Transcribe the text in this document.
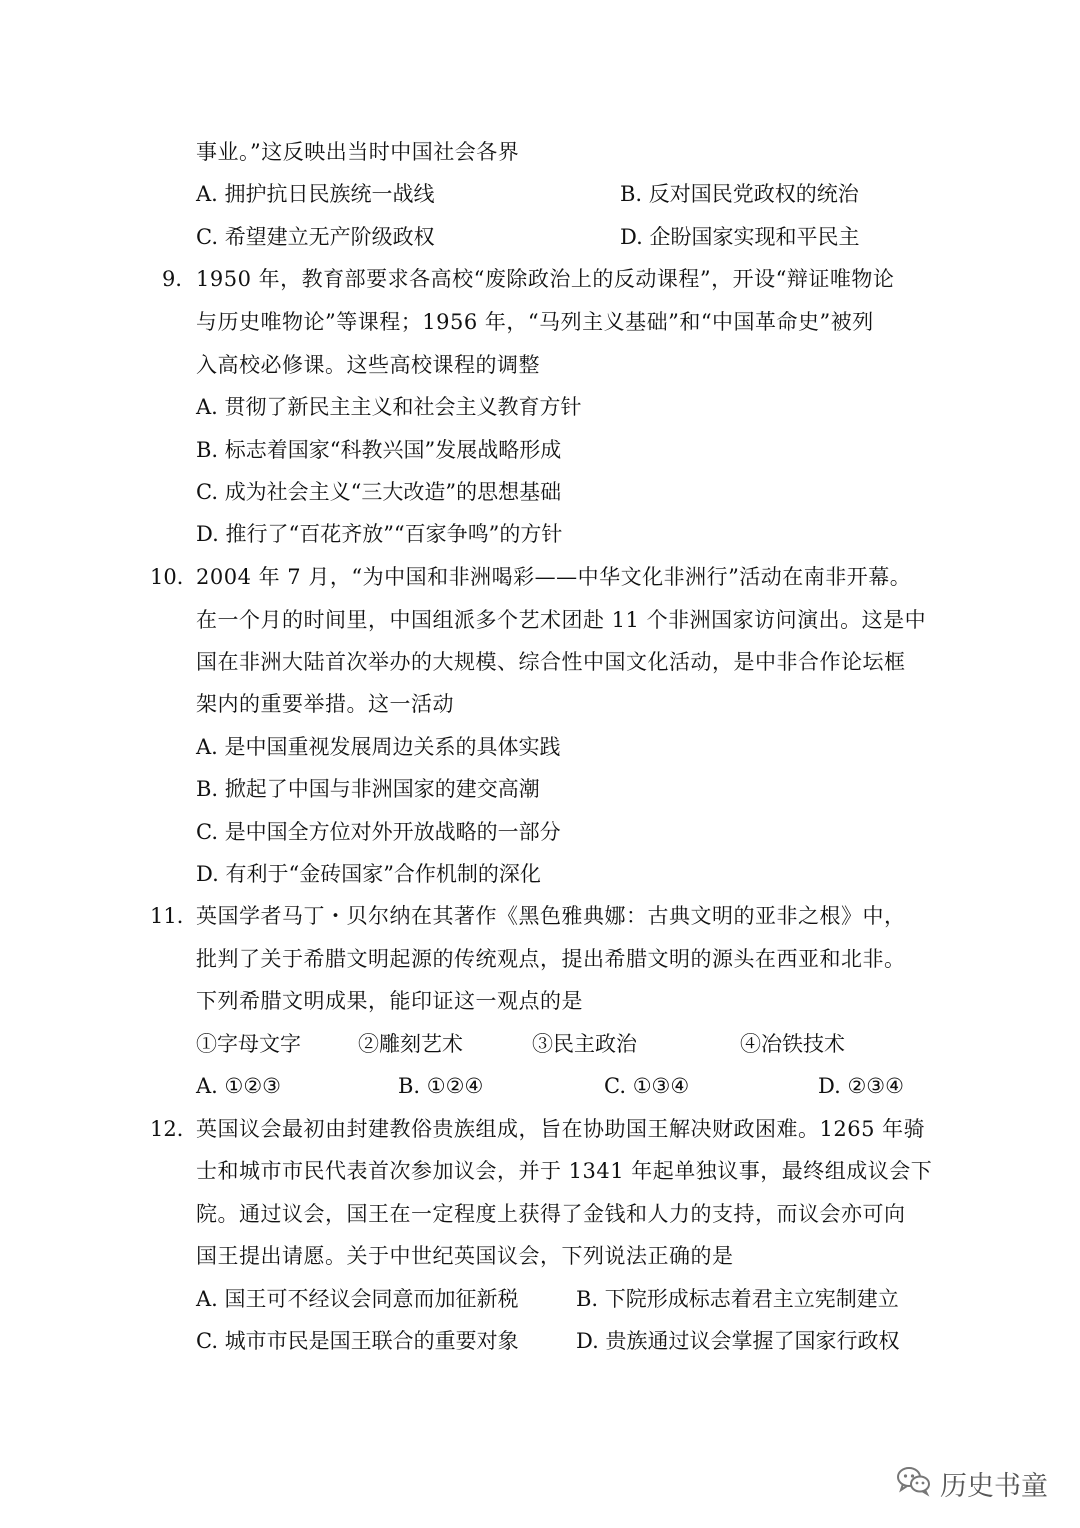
事业。”这反映出当时中国社会各界
A. 拥护抗日民族统一战线	B. 反对国民党政权的统治
C. 希望建立无产阶级政权	D. 企盼国家实现和平民主
9． 1950 年，教育部要求各高校“废除政治上的反动课程”，开设“辩证唯物论
与历史唯物论”等课程；1956 年，“马列主义基础”和“中国革命史”被列
入高校必修课。这些高校课程的调整
A. 贯彻了新民主主义和社会主义教育方针
B. 标志着国家“科教兴国”发展战略形成
C. 成为社会主义“三大改造”的思想基础
D. 推行了“百花齐放”“百家争鸣”的方针
10．
2004 年 7 月，“为中国和非洲喝彩——中华文化非洲行”活动在南非开幕。
在一个月的时间里，中国组派多个艺术团赴 11 个非洲国家访问演出。这是中
国在非洲大陆首次举办的大规模、综合性中国文化活动，是中非合作论坛框
架内的重要举措。这一活动
A. 是中国重视发展周边关系的具体实践
B. 掀起了中国与非洲国家的建交高潮
C. 是中国全方位对外开放战略的一部分
D. 有利于“金砖国家”合作机制的深化
11．
英国学者马丁・贝尔纳在其著作《黑色雅典娜：古典文明的亚非之根》中，
批判了关于希腊文明起源的传统观点，提出希腊文明的源头在西亚和北非。
下列希腊文明成果，能印证这一观点的是
①字母文字	②雕刻艺术	③民主政治	④冶铁技术
A. ①②③	B. ①②④	C. ①③④	D. ②③④
12．
英国议会最初由封建教俗贵族组成，旨在协助国王解决财政困难。1265 年骑
士和城市市民代表首次参加议会，并于 1341 年起单独议事，最终组成议会下
院。通过议会，国王在一定程度上获得了金钱和人力的支持，而议会亦可向
国王提出请愿。关于中世纪英国议会，下列说法正确的是
A. 国王可不经议会同意而加征新税	B. 下院形成标志着君主立宪制建立
C. 城市市民是国王联合的重要对象	D. 贵族通过议会掌握了国家行政权
历史书童
